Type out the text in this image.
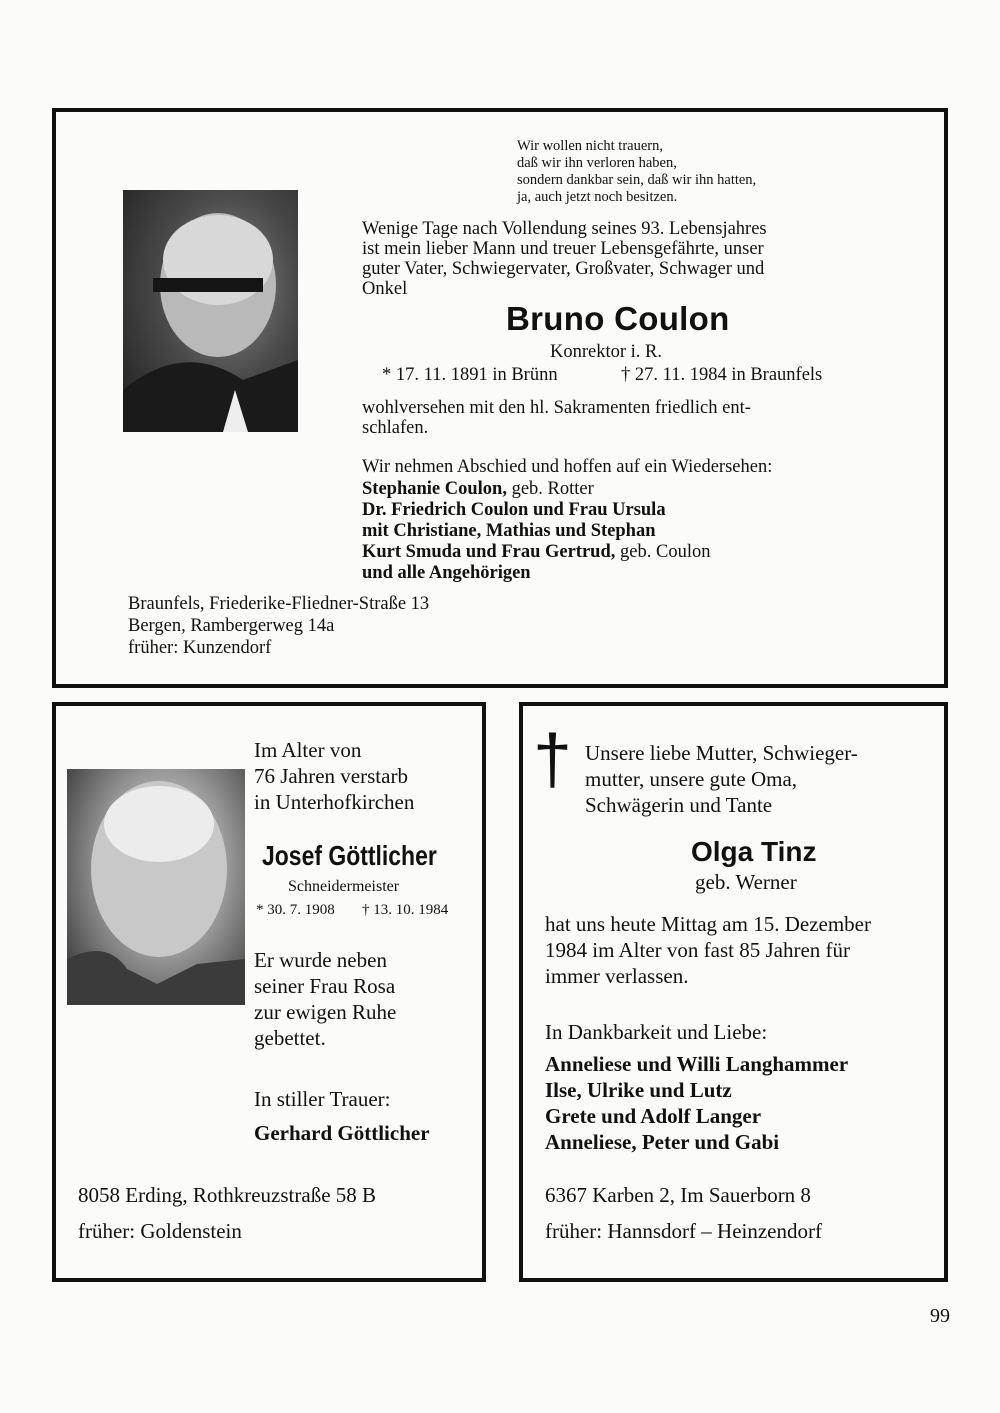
Wir wollen nicht trauern,
daß wir ihn verloren haben,
sondern dankbar sein, daß wir ihn hatten,
ja, auch jetzt noch besitzen.
Wenige Tage nach Vollendung seines 93. Lebensjahres
ist mein lieber Mann und treuer Lebensgefährte, unser
guter Vater, Schwiegervater, Großvater, Schwager und
Onkel
Bruno Coulon
Konrektor i. R.
* 17. 11. 1891 in Brünn	† 27. 11. 1984 in Braunfels
wohlversehen mit den hl. Sakramenten friedlich ent-
schlafen.
Wir nehmen Abschied und hoffen auf ein Wiedersehen:
Stephanie Coulon, geb. Rotter
Dr. Friedrich Coulon und Frau Ursula
mit Christiane, Mathias und Stephan
Kurt Smuda und Frau Gertrud, geb. Coulon
und alle Angehörigen
Braunfels, Friederike-Fliedner-Straße 13
Bergen, Rambergerweg 14a
früher: Kunzendorf
Im Alter von
76 Jahren verstarb
in Unterhofkirchen
Josef Göttlicher
Schneidermeister
* 30. 7. 1908 † 13. 10. 1984
Er wurde neben
seiner Frau Rosa
zur ewigen Ruhe
gebettet.
In stiller Trauer:
Gerhard Göttlicher
8058 Erding, Rothkreuzstraße 58 B
früher: Goldenstein
† Unsere liebe Mutter, Schwieger-
mutter, unsere gute Oma,
Schwägerin und Tante
Olga Tinz
geb. Werner
hat uns heute Mittag am 15. Dezember
1984 im Alter von fast 85 Jahren für
immer verlassen.
In Dankbarkeit und Liebe:
Anneliese und Willi Langhammer
Ilse, Ulrike und Lutz
Grete und Adolf Langer
Anneliese, Peter und Gabi
6367 Karben 2, Im Sauerborn 8
früher: Hannsdorf – Heinzendorf
99
